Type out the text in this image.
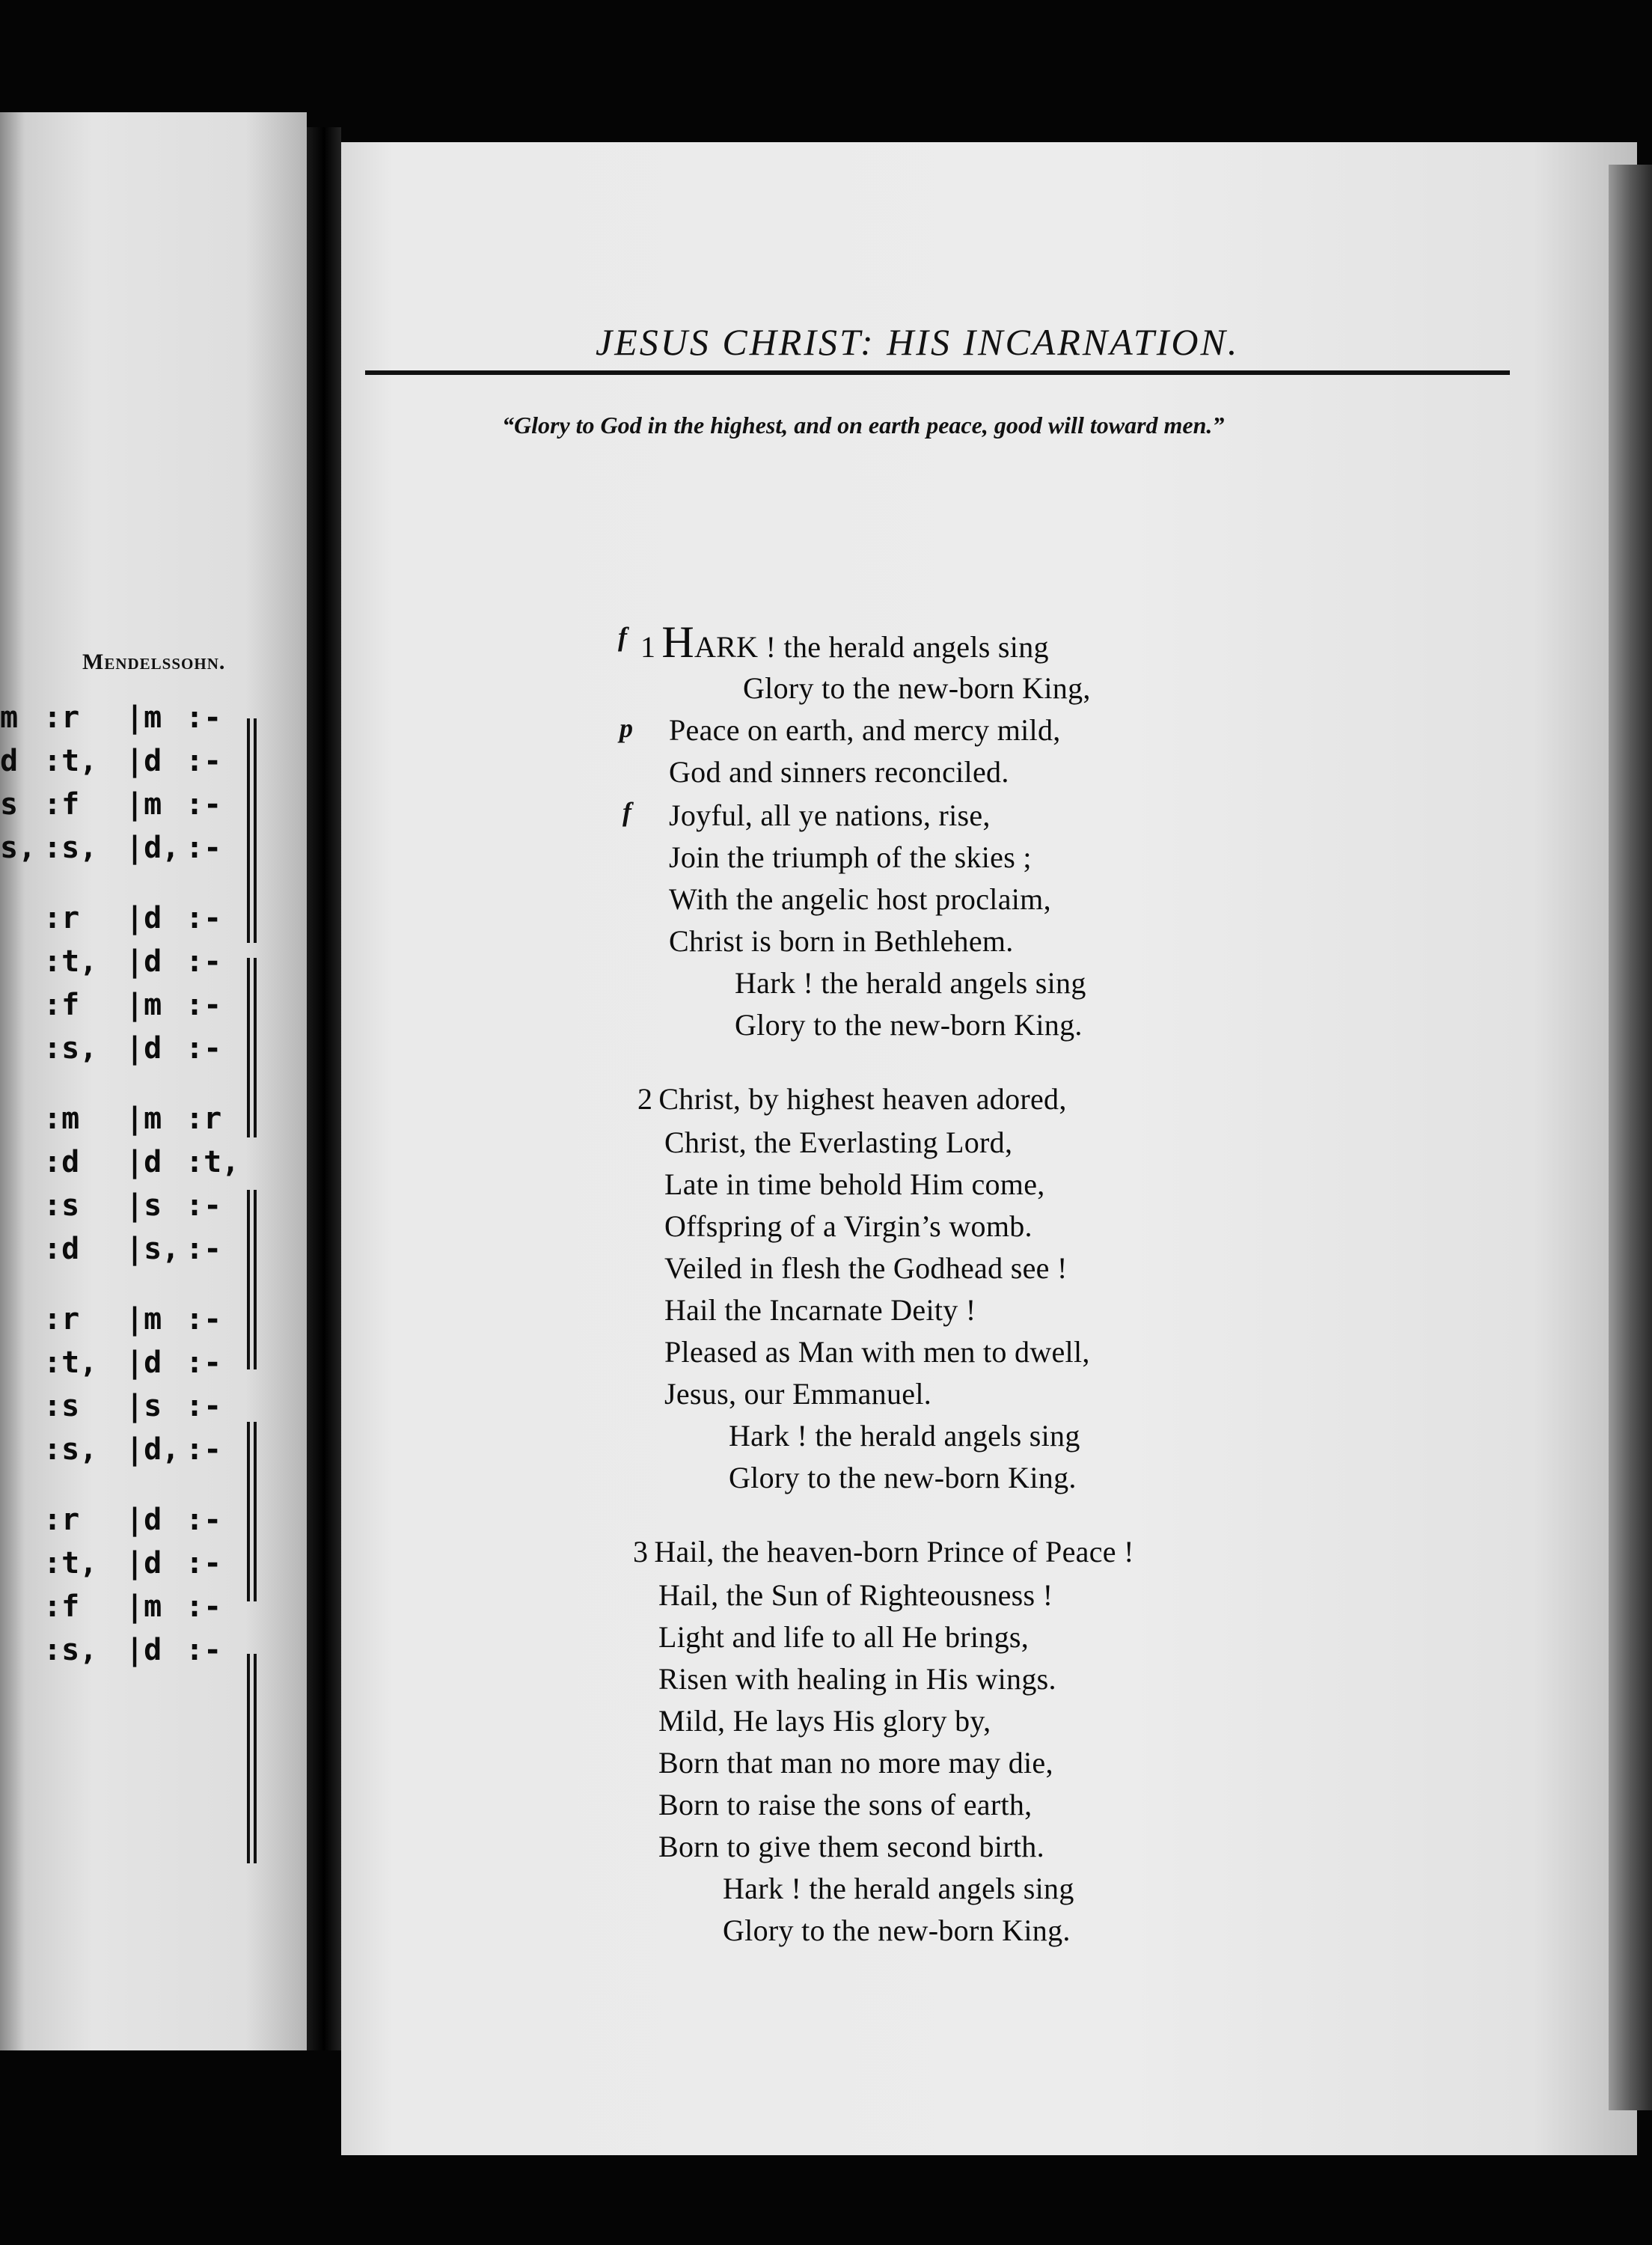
Mendelssohn.
m :r |m :-
d :t, |d :-
s :f |m :-
s, :s, |d, :-
:r |d :-
:t, |d :-
:f |m :-
:s, |d :-
:m |m :r
:d |d :t,
:s |s :-
:d |s, :-
:r |m :-
:t, |d :-
:s |s :-
:s, |d, :-
:r |d :-
:t, |d :-
:f |m :-
:s, |d :-
JESUS CHRIST: HIS INCARNATION.
“Glory to God in the highest, and on earth peace, good will toward men.”
f 1 HARK ! the herald angels sing
Glory to the new-born King,
p Peace on earth, and mercy mild,
God and sinners reconciled.
f Joyful, all ye nations, rise,
Join the triumph of the skies ;
With the angelic host proclaim,
Christ is born in Bethlehem.
Hark ! the herald angels sing
Glory to the new-born King.
2 Christ, by highest heaven adored,
Christ, the Everlasting Lord,
Late in time behold Him come,
Offspring of a Virgin’s womb.
Veiled in flesh the Godhead see !
Hail the Incarnate Deity !
Pleased as Man with men to dwell,
Jesus, our Emmanuel.
Hark ! the herald angels sing
Glory to the new-born King.
3 Hail, the heaven-born Prince of Peace !
Hail, the Sun of Righteousness !
Light and life to all He brings,
Risen with healing in His wings.
Mild, He lays His glory by,
Born that man no more may die,
Born to raise the sons of earth,
Born to give them second birth.
Hark ! the herald angels sing
Glory to the new-born King.
